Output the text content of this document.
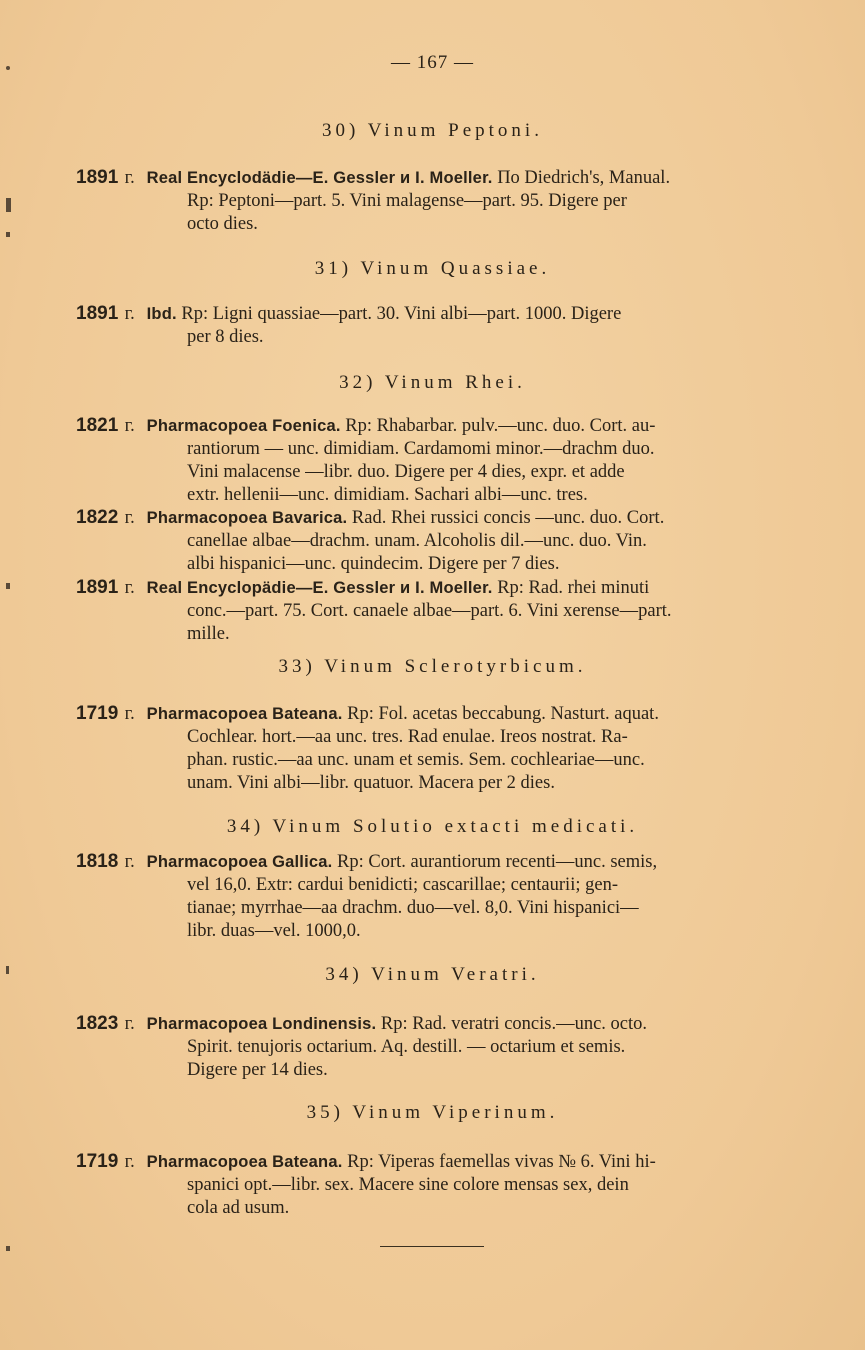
— 167 —
30) Vinum Peptoni.
1891 г. Real Encyclodädie—E. Gessler и I. Moeller. По Diedrich's, Manual.
Rp: Peptoni—part. 5. Vini malagense—part. 95. Digere per
octo dies.
31) Vinum Quassiae.
1891 г. Ibd. Rp: Ligni quassiae—part. 30. Vini albi—part. 1000. Digere
per 8 dies.
32) Vinum Rhei.
1821 г. Pharmacopoea Foenica. Rp: Rhabarbar. pulv.—unc. duo. Cort. au-
rantiorum — unc. dimidiam. Cardamomi minor.—drachm duo.
Vini malacense —libr. duo. Digere per 4 dies, expr. et adde
extr. hellenii—unc. dimidiam. Sachari albi—unc. tres.
1822 г. Pharmacopoea Bavarica. Rad. Rhei russici concis —unc. duo. Cort.
canellae albae—drachm. unam. Alcoholis dil.—unc. duo. Vin.
albi hispanici—unc. quindecim. Digere per 7 dies.
1891 г. Real Encyclopädie—E. Gessler и I. Moeller. Rp: Rad. rhei minuti
conc.—part. 75. Cort. canaele albae—part. 6. Vini xerense—part.
mille.
33) Vinum Sclerotyrbicum.
1719 г. Pharmacopoea Bateana. Rp: Fol. acetas beccabung. Nasturt. aquat.
Cochlear. hort.—aa unc. tres. Rad enulae. Ireos nostrat. Ra-
phan. rustic.—aa unc. unam et semis. Sem. cochleariae—unc.
unam. Vini albi—libr. quatuor. Macera per 2 dies.
34) Vinum Solutio extacti medicati.
1818 г. Pharmacopoea Gallica. Rp: Cort. aurantiorum recenti—unc. semis,
vel 16,0. Extr: cardui benidicti; cascarillae; centaurii; gen-
tianae; myrrhae—aa drachm. duo—vel. 8,0. Vini hispanici—
libr. duas—vel. 1000,0.
34) Vinum Veratri.
1823 г. Pharmacopoea Londinensis. Rp: Rad. veratri concis.—unc. octo.
Spirit. tenujoris octarium. Aq. destill. — octarium et semis.
Digere per 14 dies.
35) Vinum Viperinum.
1719 г. Pharmacopoea Bateana. Rp: Viperas faemellas vivas № 6. Vini hi-
spanici opt.—libr. sex. Macere sine colore mensas sex, dein
cola ad usum.
